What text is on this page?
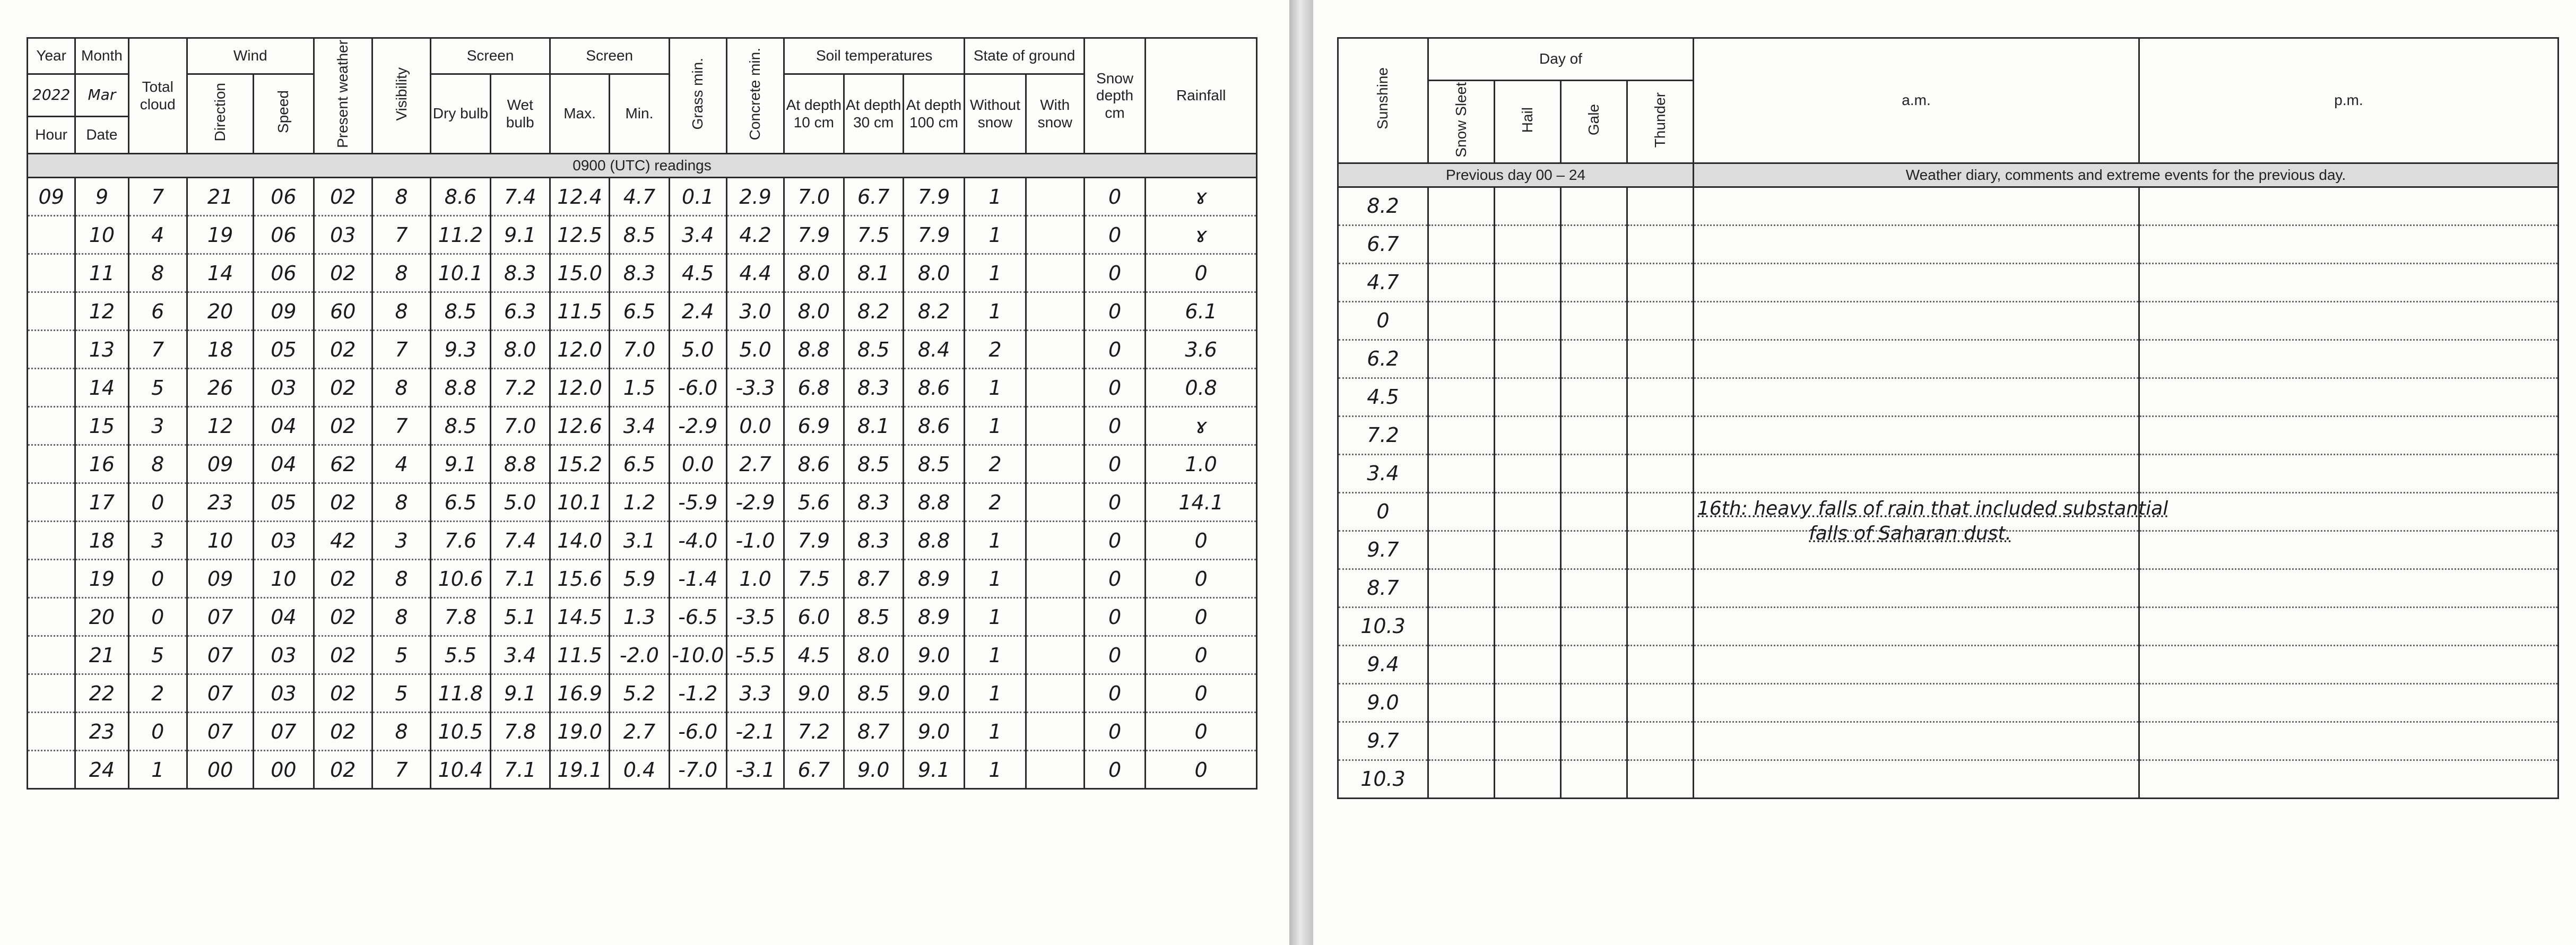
Year	Month	Total cloud	Wind		Present weather	Visibility	Screen		Screen		Grass min.	Concrete min.	Soil temperatures			State of ground		Snow depth cm	Rainfall
2022	Mar		Direction	Speed			Dry bulb	Wet bulb	Max.	Min.			At depth 10 cm	At depth 30 cm	At depth 100 cm	Without snow	With snow		
Hour	Date																		
0900 (UTC) readings																			
09	9	7	21	06	02	8	8.6	7.4	12.4	4.7	0.1	2.9	7.0	6.7	7.9	1		0	ɤ
	10	4	19	06	03	7	11.2	9.1	12.5	8.5	3.4	4.2	7.9	7.5	7.9	1		0	ɤ
	11	8	14	06	02	8	10.1	8.3	15.0	8.3	4.5	4.4	8.0	8.1	8.0	1		0	0
	12	6	20	09	60	8	8.5	6.3	11.5	6.5	2.4	3.0	8.0	8.2	8.2	1		0	6.1
	13	7	18	05	02	7	9.3	8.0	12.0	7.0	5.0	5.0	8.8	8.5	8.4	2		0	3.6
	14	5	26	03	02	8	8.8	7.2	12.0	1.5	-6.0	-3.3	6.8	8.3	8.6	1		0	0.8
	15	3	12	04	02	7	8.5	7.0	12.6	3.4	-2.9	0.0	6.9	8.1	8.6	1		0	ɤ
	16	8	09	04	62	4	9.1	8.8	15.2	6.5	0.0	2.7	8.6	8.5	8.5	2		0	1.0
	17	0	23	05	02	8	6.5	5.0	10.1	1.2	-5.9	-2.9	5.6	8.3	8.8	2		0	14.1
	18	3	10	03	42	3	7.6	7.4	14.0	3.1	-4.0	-1.0	7.9	8.3	8.8	1		0	0
	19	0	09	10	02	8	10.6	7.1	15.6	5.9	-1.4	1.0	7.5	8.7	8.9	1		0	0
	20	0	07	04	02	8	7.8	5.1	14.5	1.3	-6.5	-3.5	6.0	8.5	8.9	1		0	0
	21	5	07	03	02	5	5.5	3.4	11.5	-2.0	-10.0	-5.5	4.5	8.0	9.0	1		0	0
	22	2	07	03	02	5	11.8	9.1	16.9	5.2	-1.2	3.3	9.0	8.5	9.0	1		0	0
	23	0	07	07	02	8	10.5	7.8	19.0	2.7	-6.0	-2.1	7.2	8.7	9.0	1		0	0
	24	1	00	00	02	7	10.4	7.1	19.1	0.4	-7.0	-3.1	6.7	9.0	9.1	1		0	0
Sunshine	Day of				a.m.	p.m.
	Snow Sleet	Hail	Gale	Thunder		
Previous day 00 – 24					Weather diary, comments and extreme events for the previous day.	
8.2						
6.7						
4.7						
0						
6.2						
4.5						
7.2						
3.4						
0					16th: heavy falls of rain that included substantial
falls of Saharan dust.	

9.7						
8.7						
10.3						
9.4						
9.0						
9.7						
10.3						
